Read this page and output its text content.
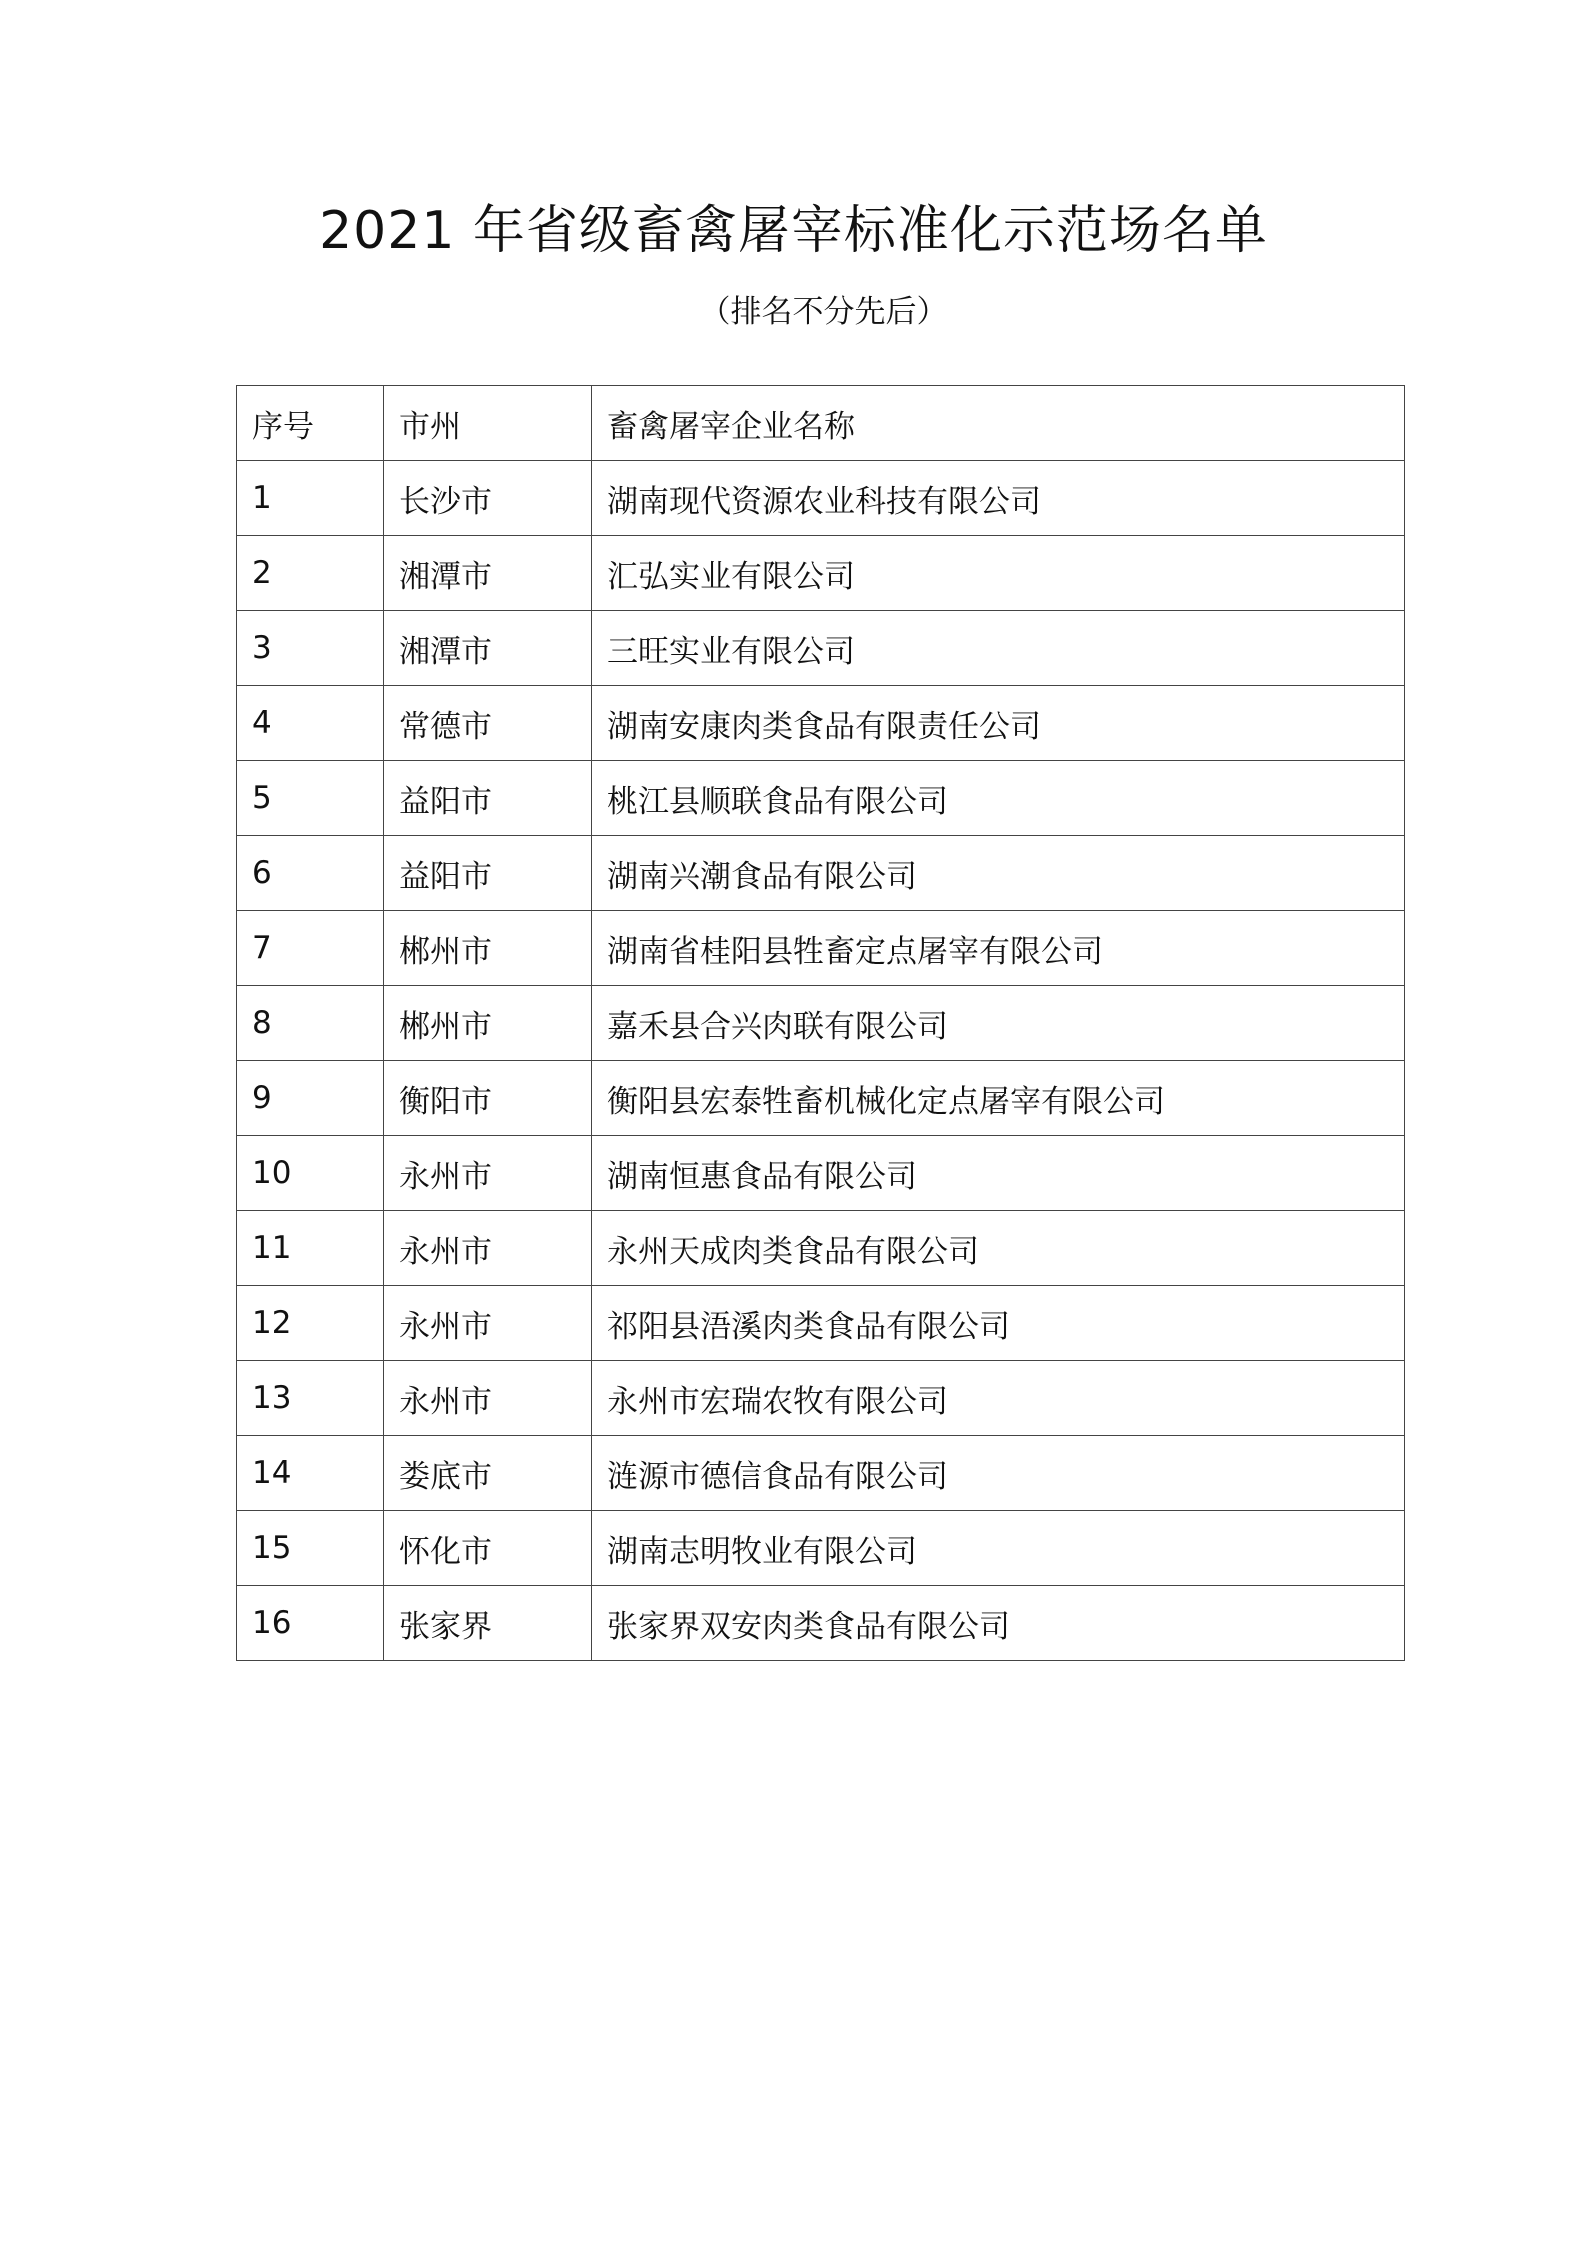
2021 年省级畜禽屠宰标准化示范场名单
（排名不分先后）
序号	市州	畜禽屠宰企业名称
1	长沙市	湖南现代资源农业科技有限公司
2	湘潭市	汇弘实业有限公司
3	湘潭市	三旺实业有限公司
4	常德市	湖南安康肉类食品有限责任公司
5	益阳市	桃江县顺联食品有限公司
6	益阳市	湖南兴潮食品有限公司
7	郴州市	湖南省桂阳县牲畜定点屠宰有限公司
8	郴州市	嘉禾县合兴肉联有限公司
9	衡阳市	衡阳县宏泰牲畜机械化定点屠宰有限公司
10	永州市	湖南恒惠食品有限公司
11	永州市	永州天成肉类食品有限公司
12	永州市	祁阳县浯溪肉类食品有限公司
13	永州市	永州市宏瑞农牧有限公司
14	娄底市	涟源市德信食品有限公司
15	怀化市	湖南志明牧业有限公司
16	张家界	张家界双安肉类食品有限公司
